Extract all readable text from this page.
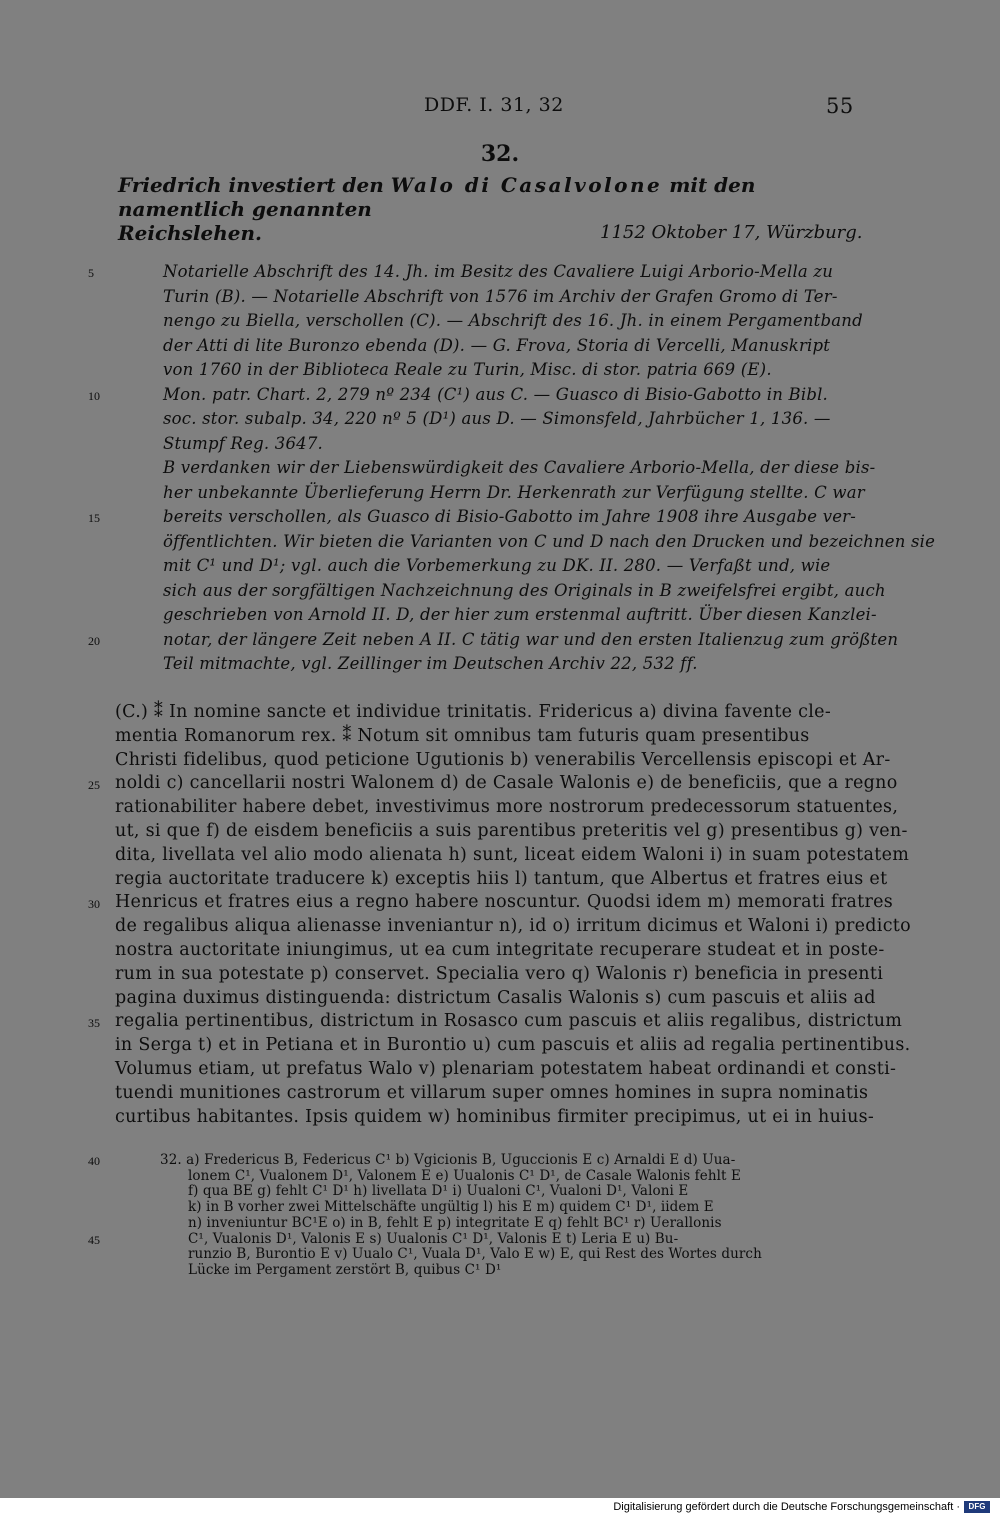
DDF. I. 31, 32	55
32.
Friedrich investiert den Walo di Casalvolone mit den namentlich genannten
Reichslehen.	1152 Oktober 17, Würzburg.
5	Notarielle Abschrift des 14. Jh. im Besitz des Cavaliere Luigi Arborio-Mella zu
Turin (B). — Notarielle Abschrift von 1576 im Archiv der Grafen Gromo di Ter-
nengo zu Biella, verschollen (C). — Abschrift des 16. Jh. in einem Pergamentband
der Atti di lite Buronzo ebenda (D). — G. Frova, Storia di Vercelli, Manuskript
von 1760 in der Biblioteca Reale zu Turin, Misc. di stor. patria 669 (E).
10	Mon. patr. Chart. 2, 279 nº 234 (C¹) aus C. — Guasco di Bisio-Gabotto in Bibl.
soc. stor. subalp. 34, 220 nº 5 (D¹) aus D. — Simonsfeld, Jahrbücher 1, 136. —
Stumpf Reg. 3647.
B verdanken wir der Liebenswürdigkeit des Cavaliere Arborio-Mella, der diese bis-
her unbekannte Überlieferung Herrn Dr. Herkenrath zur Verfügung stellte. C war
15	bereits verschollen, als Guasco di Bisio-Gabotto im Jahre 1908 ihre Ausgabe ver-
öffentlichten. Wir bieten die Varianten von C und D nach den Drucken und bezeichnen sie
mit C¹ und D¹; vgl. auch die Vorbemerkung zu DK. II. 280. — Verfaßt und, wie
sich aus der sorgfältigen Nachzeichnung des Originals in B zweifelsfrei ergibt, auch
geschrieben von Arnold II. D, der hier zum erstenmal auftritt. Über diesen Kanzlei-
20	notar, der längere Zeit neben A II. C tätig war und den ersten Italienzug zum größten
Teil mitmachte, vgl. Zeillinger im Deutschen Archiv 22, 532 ff.
(C.) ⁑ In nomine sancte et individue trinitatis. Fridericus a) divina favente cle-
mentia Romanorum rex. ⁑ Notum sit omnibus tam futuris quam presentibus
Christi fidelibus, quod peticione Ugutionis b) venerabilis Vercellensis episcopi et Ar-
25 noldi c) cancellarii nostri Walonem d) de Casale Walonis e) de beneficiis, que a regno
rationabiliter habere debet, investivimus more nostrorum predecessorum statuentes,
ut, si que f) de eisdem beneficiis a suis parentibus preteritis vel g) presentibus g) ven-
dita, livellata vel alio modo alienata h) sunt, liceat eidem Waloni i) in suam potestatem
regia auctoritate traducere k) exceptis hiis l) tantum, que Albertus et fratres eius et
30 Henricus et fratres eius a regno habere noscuntur. Quodsi idem m) memorati fratres
de regalibus aliqua alienasse inveniantur n), id o) irritum dicimus et Waloni i) predicto
nostra auctoritate iniungimus, ut ea cum integritate recuperare studeat et in poste-
rum in sua potestate p) conservet. Specialia vero q) Walonis r) beneficia in presenti
pagina duximus distinguenda: districtum Casalis Walonis s) cum pascuis et aliis ad
35 regalia pertinentibus, districtum in Rosasco cum pascuis et aliis regalibus, districtum
in Serga t) et in Petiana et in Burontio u) cum pascuis et aliis ad regalia pertinentibus.
Volumus etiam, ut prefatus Walo v) plenariam potestatem habeat ordinandi et consti-
tuendi munitiones castrorum et villarum super omnes homines in supra nominatis
curtibus habitantes. Ipsis quidem w) hominibus firmiter precipimus, ut ei in huius-
40	32. a) Fredericus B, Federicus C¹ b) Vgicionis B, Uguccionis E c) Arnaldi E d) Uua-
lonem C¹, Vualonem D¹, Valonem E e) Uualonis C¹ D¹, de Casale Walonis fehlt E
f) qua BE g) fehlt C¹ D¹ h) livellata D¹ i) Uualoni C¹, Vualoni D¹, Valoni E
k) in B vorher zwei Mittelschäfte ungültig l) his E m) quidem C¹ D¹, iidem E
n) inveniuntur BC¹E o) in B, fehlt E p) integritate E q) fehlt BC¹ r) Uerallonis
45	C¹, Vualonis D¹, Valonis E s) Uualonis C¹ D¹, Valonis E t) Leria E u) Bu-
runzio B, Burontio E v) Uualo C¹, Vuala D¹, Valo E w) E, qui Rest des Wortes durch
Lücke im Pergament zerstört B, quibus C¹ D¹
Digitalisierung gefördert durch die Deutsche Forschungsgemeinschaft ·	DFG
